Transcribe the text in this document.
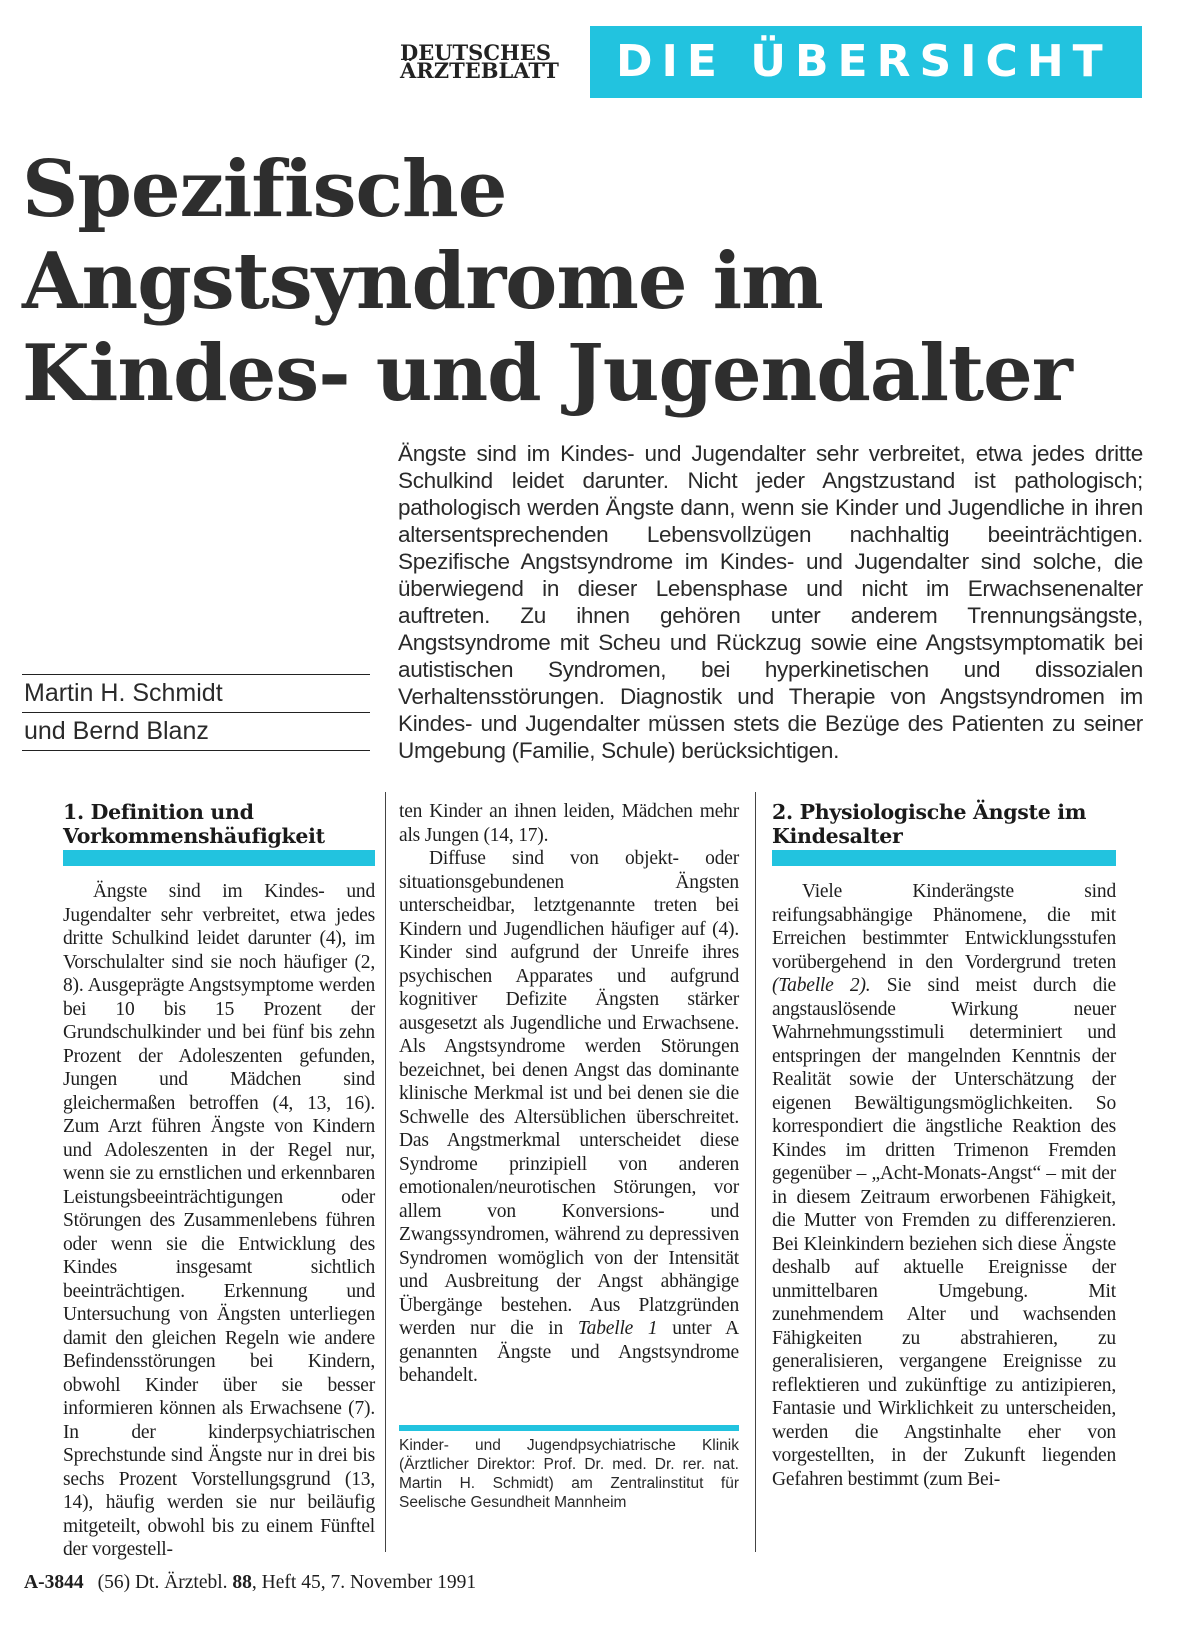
DEUTSCHES
ÄRZTEBLATT	DIE ÜBERSICHT
Spezifische Angstsyndrome im Kindes- und Jugendalter

Ängste sind im Kindes- und Jugendalter sehr verbreitet, etwa jedes dritte Schulkind leidet darunter. Nicht jeder Angstzustand ist pathologisch; pathologisch werden Ängste dann, wenn sie Kinder und Jugendliche in ihren altersentsprechenden Lebensvollzügen nachhaltig beeinträchtigen. Spezifische Angstsyndrome im Kindes- und Jugendalter sind solche, die überwiegend in dieser Lebensphase und nicht im Erwachsenenalter auftreten. Zu ihnen gehören unter anderem Trennungsängste, Angstsyndrome mit Scheu und Rückzug sowie eine Angstsymptomatik bei autistischen Syndromen, bei hyperkinetischen und dissozialen Verhaltensstörungen. Diagnostik und Therapie von Angstsyndromen im Kindes- und Jugendalter müssen stets die Bezüge des Patienten zu seiner Umgebung (Familie, Schule) berücksichtigen.

Martin H. Schmidt
und Bernd Blanz
1. Definition und Vorkommenshäufigkeit

Ängste sind im Kindes- und Jugendalter sehr verbreitet, etwa jedes dritte Schulkind leidet darunter (4), im Vorschulalter sind sie noch häufiger (2, 8). Ausgeprägte Angstsymptome werden bei 10 bis 15 Prozent der Grundschulkinder und bei fünf bis zehn Prozent der Adoleszenten gefunden, Jungen und Mädchen sind gleichermaßen betroffen (4, 13, 16). Zum Arzt führen Ängste von Kindern und Adoleszenten in der Regel nur, wenn sie zu ernstlichen und erkennbaren Leistungsbeeinträchtigungen oder Störungen des Zusammenlebens führen oder wenn sie die Entwicklung des Kindes insgesamt sichtlich beeinträchtigen. Erkennung und Untersuchung von Ängsten unterliegen damit den gleichen Regeln wie andere Befindensstörungen bei Kindern, obwohl Kinder über sie besser informieren können als Erwachsene (7). In der kinderpsychiatrischen Sprechstunde sind Ängste nur in drei bis sechs Prozent Vorstellungsgrund (13, 14), häufig werden sie nur beiläufig mitgeteilt, obwohl bis zu einem Fünftel der vorgestell-

ten Kinder an ihnen leiden, Mädchen mehr als Jungen (14, 17).

Diffuse sind von objekt- oder situationsgebundenen Ängsten unterscheidbar, letztgenannte treten bei Kindern und Jugendlichen häufiger auf (4). Kinder sind aufgrund der Unreife ihres psychischen Apparates und aufgrund kognitiver Defizite Ängsten stärker ausgesetzt als Jugendliche und Erwachsene. Als Angstsyndrome werden Störungen bezeichnet, bei denen Angst das dominante klinische Merkmal ist und bei denen sie die Schwelle des Altersüblichen überschreitet. Das Angstmerkmal unterscheidet diese Syndrome prinzipiell von anderen emotionalen/neurotischen Störungen, vor allem von Konversions- und Zwangssyndromen, während zu depressiven Syndromen womöglich von der Intensität und Ausbreitung der Angst abhängige Übergänge bestehen. Aus Platzgründen werden nur die in Tabelle 1 unter A genannten Ängste und Angstsyndrome behandelt.

Kinder- und Jugendpsychiatrische Klinik (Ärztlicher Direktor: Prof. Dr. med. Dr. rer. nat. Martin H. Schmidt) am Zentralinstitut für Seelische Gesundheit Mannheim
2. Physiologische Ängste im Kindesalter

Viele Kinderängste sind reifungsabhängige Phänomene, die mit Erreichen bestimmter Entwicklungsstufen vorübergehend in den Vordergrund treten (Tabelle 2). Sie sind meist durch die angstauslösende Wirkung neuer Wahrnehmungsstimuli determiniert und entspringen der mangelnden Kenntnis der Realität sowie der Unterschätzung der eigenen Bewältigungsmöglichkeiten. So korrespondiert die ängstliche Reaktion des Kindes im dritten Trimenon Fremden gegenüber – „Acht-Monats-Angst“ – mit der in diesem Zeitraum erworbenen Fähigkeit, die Mutter von Fremden zu differenzieren. Bei Kleinkindern beziehen sich diese Ängste deshalb auf aktuelle Ereignisse der unmittelbaren Umgebung. Mit zunehmendem Alter und wachsenden Fähigkeiten zu abstrahieren, zu generalisieren, vergangene Ereignisse zu reflektieren und zukünftige zu antizipieren, Fantasie und Wirklichkeit zu unterscheiden, werden die Angstinhalte eher von vorgestellten, in der Zukunft liegenden Gefahren bestimmt (zum Bei-

A-3844 (56) Dt. Ärztebl. 88, Heft 45, 7. November 1991
